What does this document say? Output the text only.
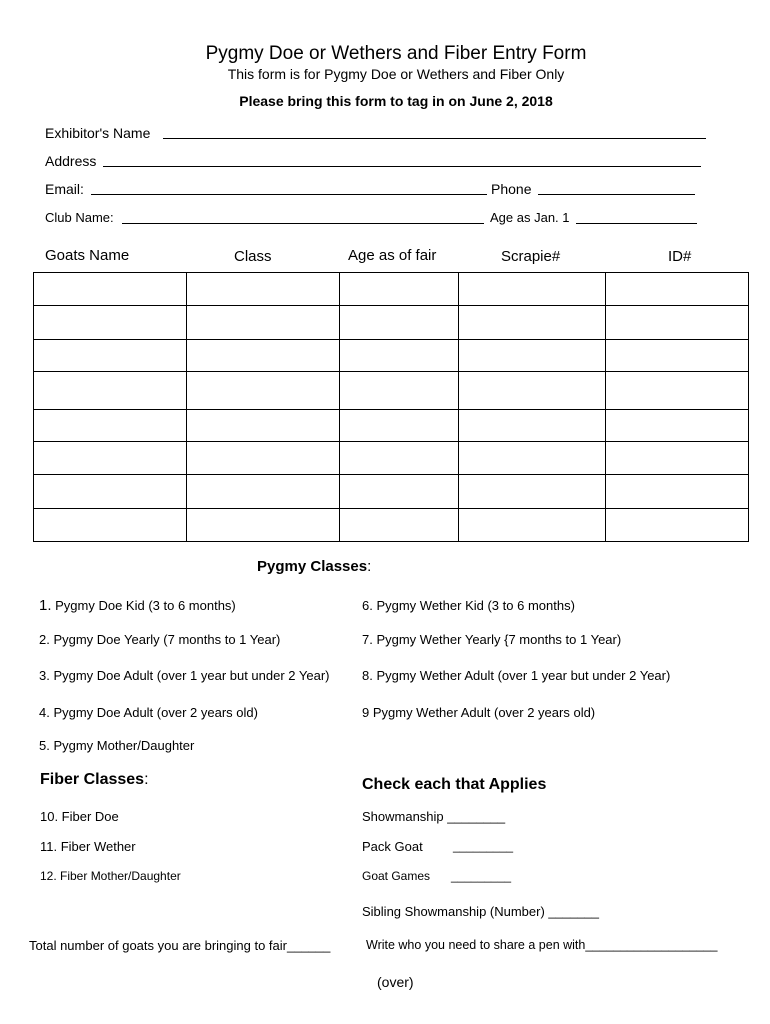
Pygmy Doe or Wethers and Fiber Entry Form
This form is for Pygmy Doe or Wethers and Fiber Only
Please bring this form to tag in on June 2, 2018
Exhibitor's Name
Address
Email:	Phone
Club Name:	Age as Jan. 1
Goats Name	Class	Age as of fair	Scrapie#	ID#

Pygmy Classes:
1. Pygmy Doe Kid (3 to 6 months)
2. Pygmy Doe Yearly (7 months to 1 Year)
3. Pygmy Doe Adult (over 1 year but under 2 Year)
4. Pygmy Doe Adult (over 2 years old)
5. Pygmy Mother/Daughter
6. Pygmy Wether Kid (3 to 6 months)
7. Pygmy Wether Yearly {7 months to 1 Year)
8. Pygmy Wether Adult (over 1 year but under 2 Year)
9 Pygmy Wether Adult (over 2 years old)
Fiber Classes:
10. Fiber Doe
11. Fiber Wether
12. Fiber Mother/Daughter
Check each that Applies
Showmanship ________
Pack Goat	_________
Goat Games _________
Sibling Showmanship (Number) _______
Total number of goats you are bringing to fair______	Write who you need to share a pen with___________________
(over)
